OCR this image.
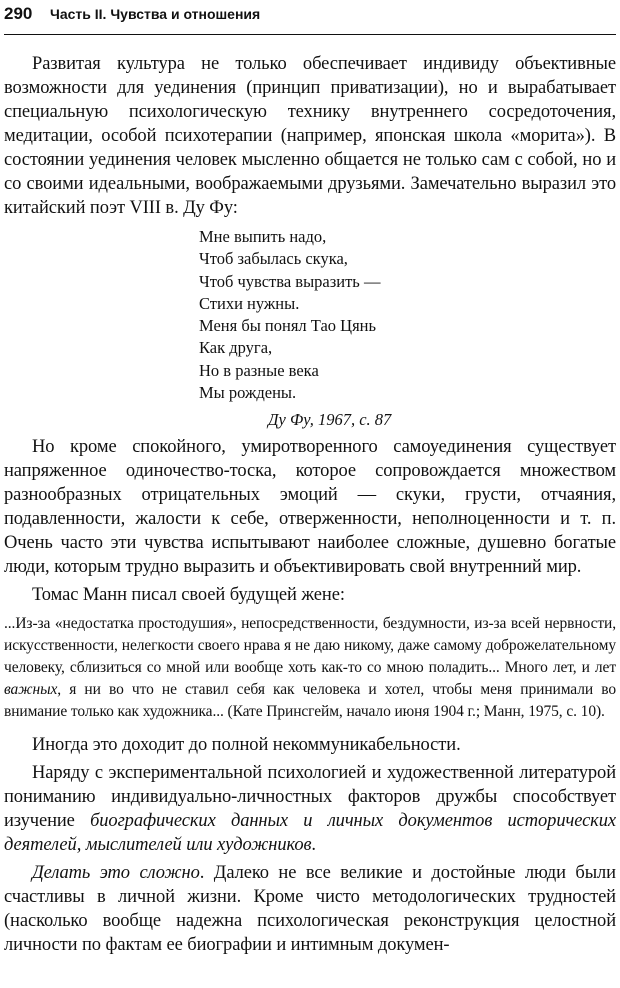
290 Часть II. Чувства и отношения

Развитая культура не только обеспечивает индивиду объективные возможности для уединения (принцип приватизации), но и вырабатывает специальную психологическую технику внутреннего сосредоточения, медитации, особой психотерапии (например, японская школа «морита»). В состоянии уединения человек мысленно общается не только сам с собой, но и со своими идеальными, воображаемыми друзьями. Замечательно выразил это китайский поэт VIII в. Ду Фу:

Мне выпить надо,
Чтоб забылась скука,
Чтоб чувства выразить —
Стихи нужны.
Меня бы понял Тао Цянь
Как друга,
Но в разные века
Мы рождены.
Ду Фу, 1967, с. 87

Но кроме спокойного, умиротворенного самоуединения существует напряженное одиночество-тоска, которое сопровождается множеством разнообразных отрицательных эмоций — скуки, грусти, отчаяния, подавленности, жалости к себе, отверженности, неполноценности и т. п. Очень часто эти чувства испытывают наиболее сложные, душевно богатые люди, которым трудно выразить и объективировать свой внутренний мир.

Томас Манн писал своей будущей жене:

...Из-за «недостатка простодушия», непосредственности, бездумности, из-за всей нервности, искусственности, нелегкости своего нрава я не даю никому, даже самому доброжелательному человеку, сблизиться со мной или вообще хоть как-то со мною поладить... Много лет, и лет важных, я ни во что не ставил себя как человека и хотел, чтобы меня принимали во внимание только как художника... (Кате Принсгейм, начало июня 1904 г.; Манн, 1975, с. 10).

Иногда это доходит до полной некоммуникабельности.

Наряду с экспериментальной психологией и художественной литературой пониманию индивидуально-личностных факторов дружбы способствует изучение биографических данных и личных документов исторических деятелей, мыслителей или художников.

Делать это сложно. Далеко не все великие и достойные люди были счастливы в личной жизни. Кроме чисто методологических трудностей (насколько вообще надежна психологическая реконструкция целостной личности по фактам ее биографии и интимным докумен-
